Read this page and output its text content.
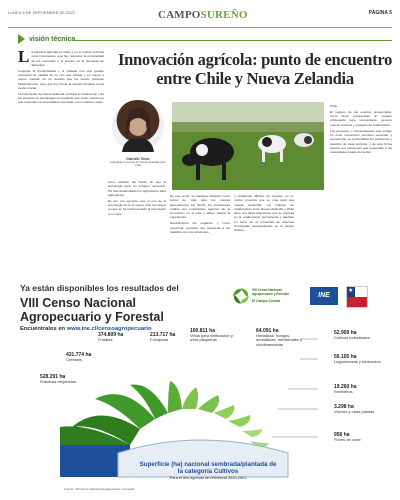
LUNES 6 DE SEPTIEMBRE DE 2022	CAMPOSUREÑO	PÁGINA 5
visión técnica
Innovación agrícola: punto de encuentro entre Chile y Nueva Zelandia

La industria agrícola en Chile y en el mundo enfrenta retos importantes, que hoy requieren la complejidad de los mercados y la presión de la demanda de alimentos.

Conjugar la productividad y el cuidado con una gestión ambiental de calidad se ve con una mirada y en mayor o menor medida, es un desafío que ha venido presente históricamente, pero que hoy frente al cambio climático se ha vuelto crucial.

La innovación de Nueva Zelandia combina su producción y de los avances en tecnologías innovadoras que crean soluciones que responden a necesidades concretas, con medición reales.

Gabrielle Shear
agregada comercial de Nueva Zelandia para Chile

como también del hecho de que la tecnología tiene un enfoque necesario. Ha sido desarrollado por agricultores para agricultores.

Es así, por ejemplo, que el uso de la tecnología no es lo nuevo, sino la manera en que se ha implementado la innovación en el país.

De ese modo, la mantiene atractivo como forma de vida para las nuevas generaciones. De hecho, los productores rurales son importantes agentes de la innovación en el país y saben valorar la experiencia.

Naturalmente los espacios y como conversar, permiten dar respuesta a los desafíos con sus soluciones.

y problemas difíciles de resolver en un mismo proyecto que se crea para una mejora sostenible. La relación de colaboración entre Nueva Zelandia y Chile tiene una larga trayectoria, que se expresa en la colaboración permanente y también en torno de la presencia de diversas tecnologías neozelandesas en el campo chileno.

Chile.

El regreso de los eventos presenciales, como Fisur, representan un espacio privilegiado para reconectarse, generar nuevos vínculos y espacios de colaboración.

Los procesos y conversaciones que surgen en esos encuentros permiten escuchar y comprender en profundidad los problemas y desafíos de cada territorio, y de esta forma aportar con soluciones que respondan a las necesidades reales del sector.

Ya están disponibles los resultados del
VIII Censo Nacional
Agropecuario y Forestal
Encuéntralos en www.ine.cl/censoagropecuario
VIII Censo Nacional
Agropecuario y Forestal
El Campo Cuenta
INE
★
528.291 ha
Praderas mejoradas
431.774 ha
Cereales
374.809 ha
Frutales
213.717 ha
Forrajeras
100.811 ha
Viñas para vinificación y uvas pisqueras
64.091 ha
Hortalizas, hongos, aromáticas, medicinales y condimentarias
52.909 ha
Cultivos industriales
50.105 ha
Leguminosas y tubérculos
19.260 ha
Semilleros
3.298 ha
Viveros y otras plantas
956 ha
Flores de corte
Superficie (ha) nacional sembrada/plantada de la categoría Cultivos
Para el año agrícola de referencia 2020-2021
Fuente: VIII Censo Nacional Agropecuario y Forestal
